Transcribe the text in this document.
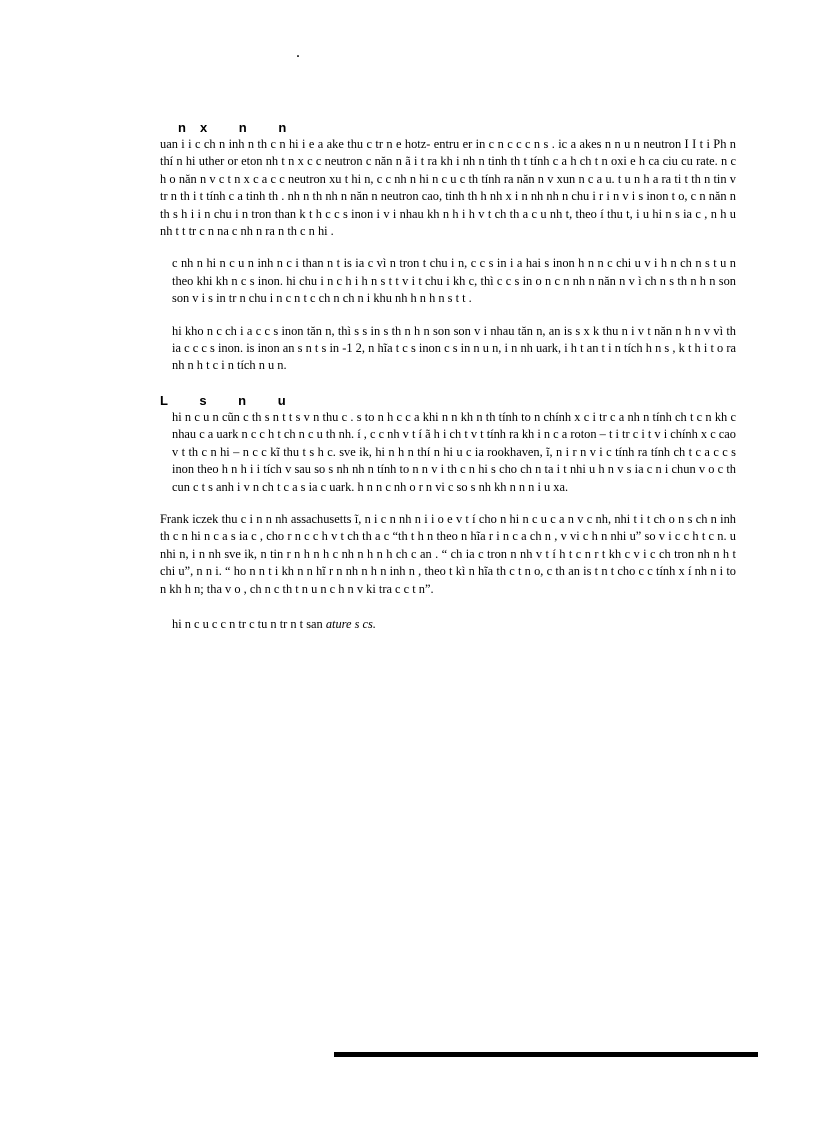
.
nx n n

uan i i c ch n inh n th c n hi i e a ake thu c tr n e hotz- entru er in c n c c c n s . ic a akes n n u n neutron I I t i Ph n thí n hi uther or eton nh t n x c c neutron c năn n ã i t ra kh i nh n tinh th t tính c a h ch t n oxi e h ca ciu cu rate. n c h o năn n v c t n x c a c c neutron xu t hi n, c c nh n hi n c u c th tính ra năn n v xun n c a u. t u n h a ra ti t th n tin v tr n th i t tính c a tinh th . nh n th nh n năn n neutron cao, tinh th h nh x i n nh nh n chu i r i n v i s inon t o, c n năn n th s h i i n chu i n tron than k t h c c s inon i v i nhau kh n h i h v t ch th a c u nh t, theo í thu t, i u hi n s ia c , n h u nh t t tr c n na c nh n ra n th c n hi .

c nh n hi n c u n inh n c i than n t is ia c vì n tron t chu i n, c c s in i a hai s inon h n n c chi u v i h n ch n s t u n theo khi kh n c s inon. hi chu i n c h i h n s t t v i t chu i kh c, thì c c s in o n c n nh n năn n v ì ch n s th n h n son son v i s in tr n chu i n c n t c ch n ch n i khu nh h n h n s t t .

hi kho n c ch i a c c s inon tăn n, thì s s in s th n h n son son v i nhau tăn n, an is s x k thu n i v t năn n h n v vì th ia c c c s inon. is inon an s n t s in -1 2, n hĩa t c s inon c s in n u n, i n nh uark, i h t an t i n tích h n s , k t h i t o ra nh n h t c i n tích n u n.

L s n u

hi n c u n cũn c th s n t t s v n thu c . s to n h c c a khi n n kh n th tính to n chính x c i tr c a nh n tính ch t c n kh c nhau c a uark n c c h t ch n c u th nh. í , c c nh v t í ã h i ch t v t tính ra kh i n c a roton – t i tr c i t v i chính x c cao v t th c n hi – n c c kĩ thu t s h c. sve ik, hi n h n thí n hi u c ia rookhaven, ĩ, n i r n v i c tính ra tính ch t c a c c s inon theo h n h i i tích v sau so s nh nh n tính to n n v i th c n hi s cho ch n ta i t nhi u h n v s ia c n i chun v o c th cun c t s anh i v n ch t c a s ia c uark. h n n c nh o r n vi c so s nh kh n n n i u xa.

Frank iczek thu c i n n nh assachusetts ĩ, n i c n nh n i i o e v t í cho n hi n c u c a n v c nh, nhi t i t ch o n s ch n inh th c n hi n c a s ia c , cho r n c c h v t ch th a c “th t h n theo n hĩa r i n c a ch n , v vi c h n nhi u” so v i c c h t c n. u nhi n, i n nh sve ik, n tin r n h n h c nh n h n h ch c an . “ ch ia c tron n nh v t í h t c n r t kh c v i c ch tron nh n h t chi u”, n n i. “ ho n n t i kh n n hĩ r n nh n h n inh n , theo t kì n hĩa th c t n o, c th an is t n t cho c c tính x í nh n i to n kh h n; tha v o , ch n c th t n u n c h n v ki tra c c t n”.

hi n c u c c n tr c tu n tr n t san ature s cs.
